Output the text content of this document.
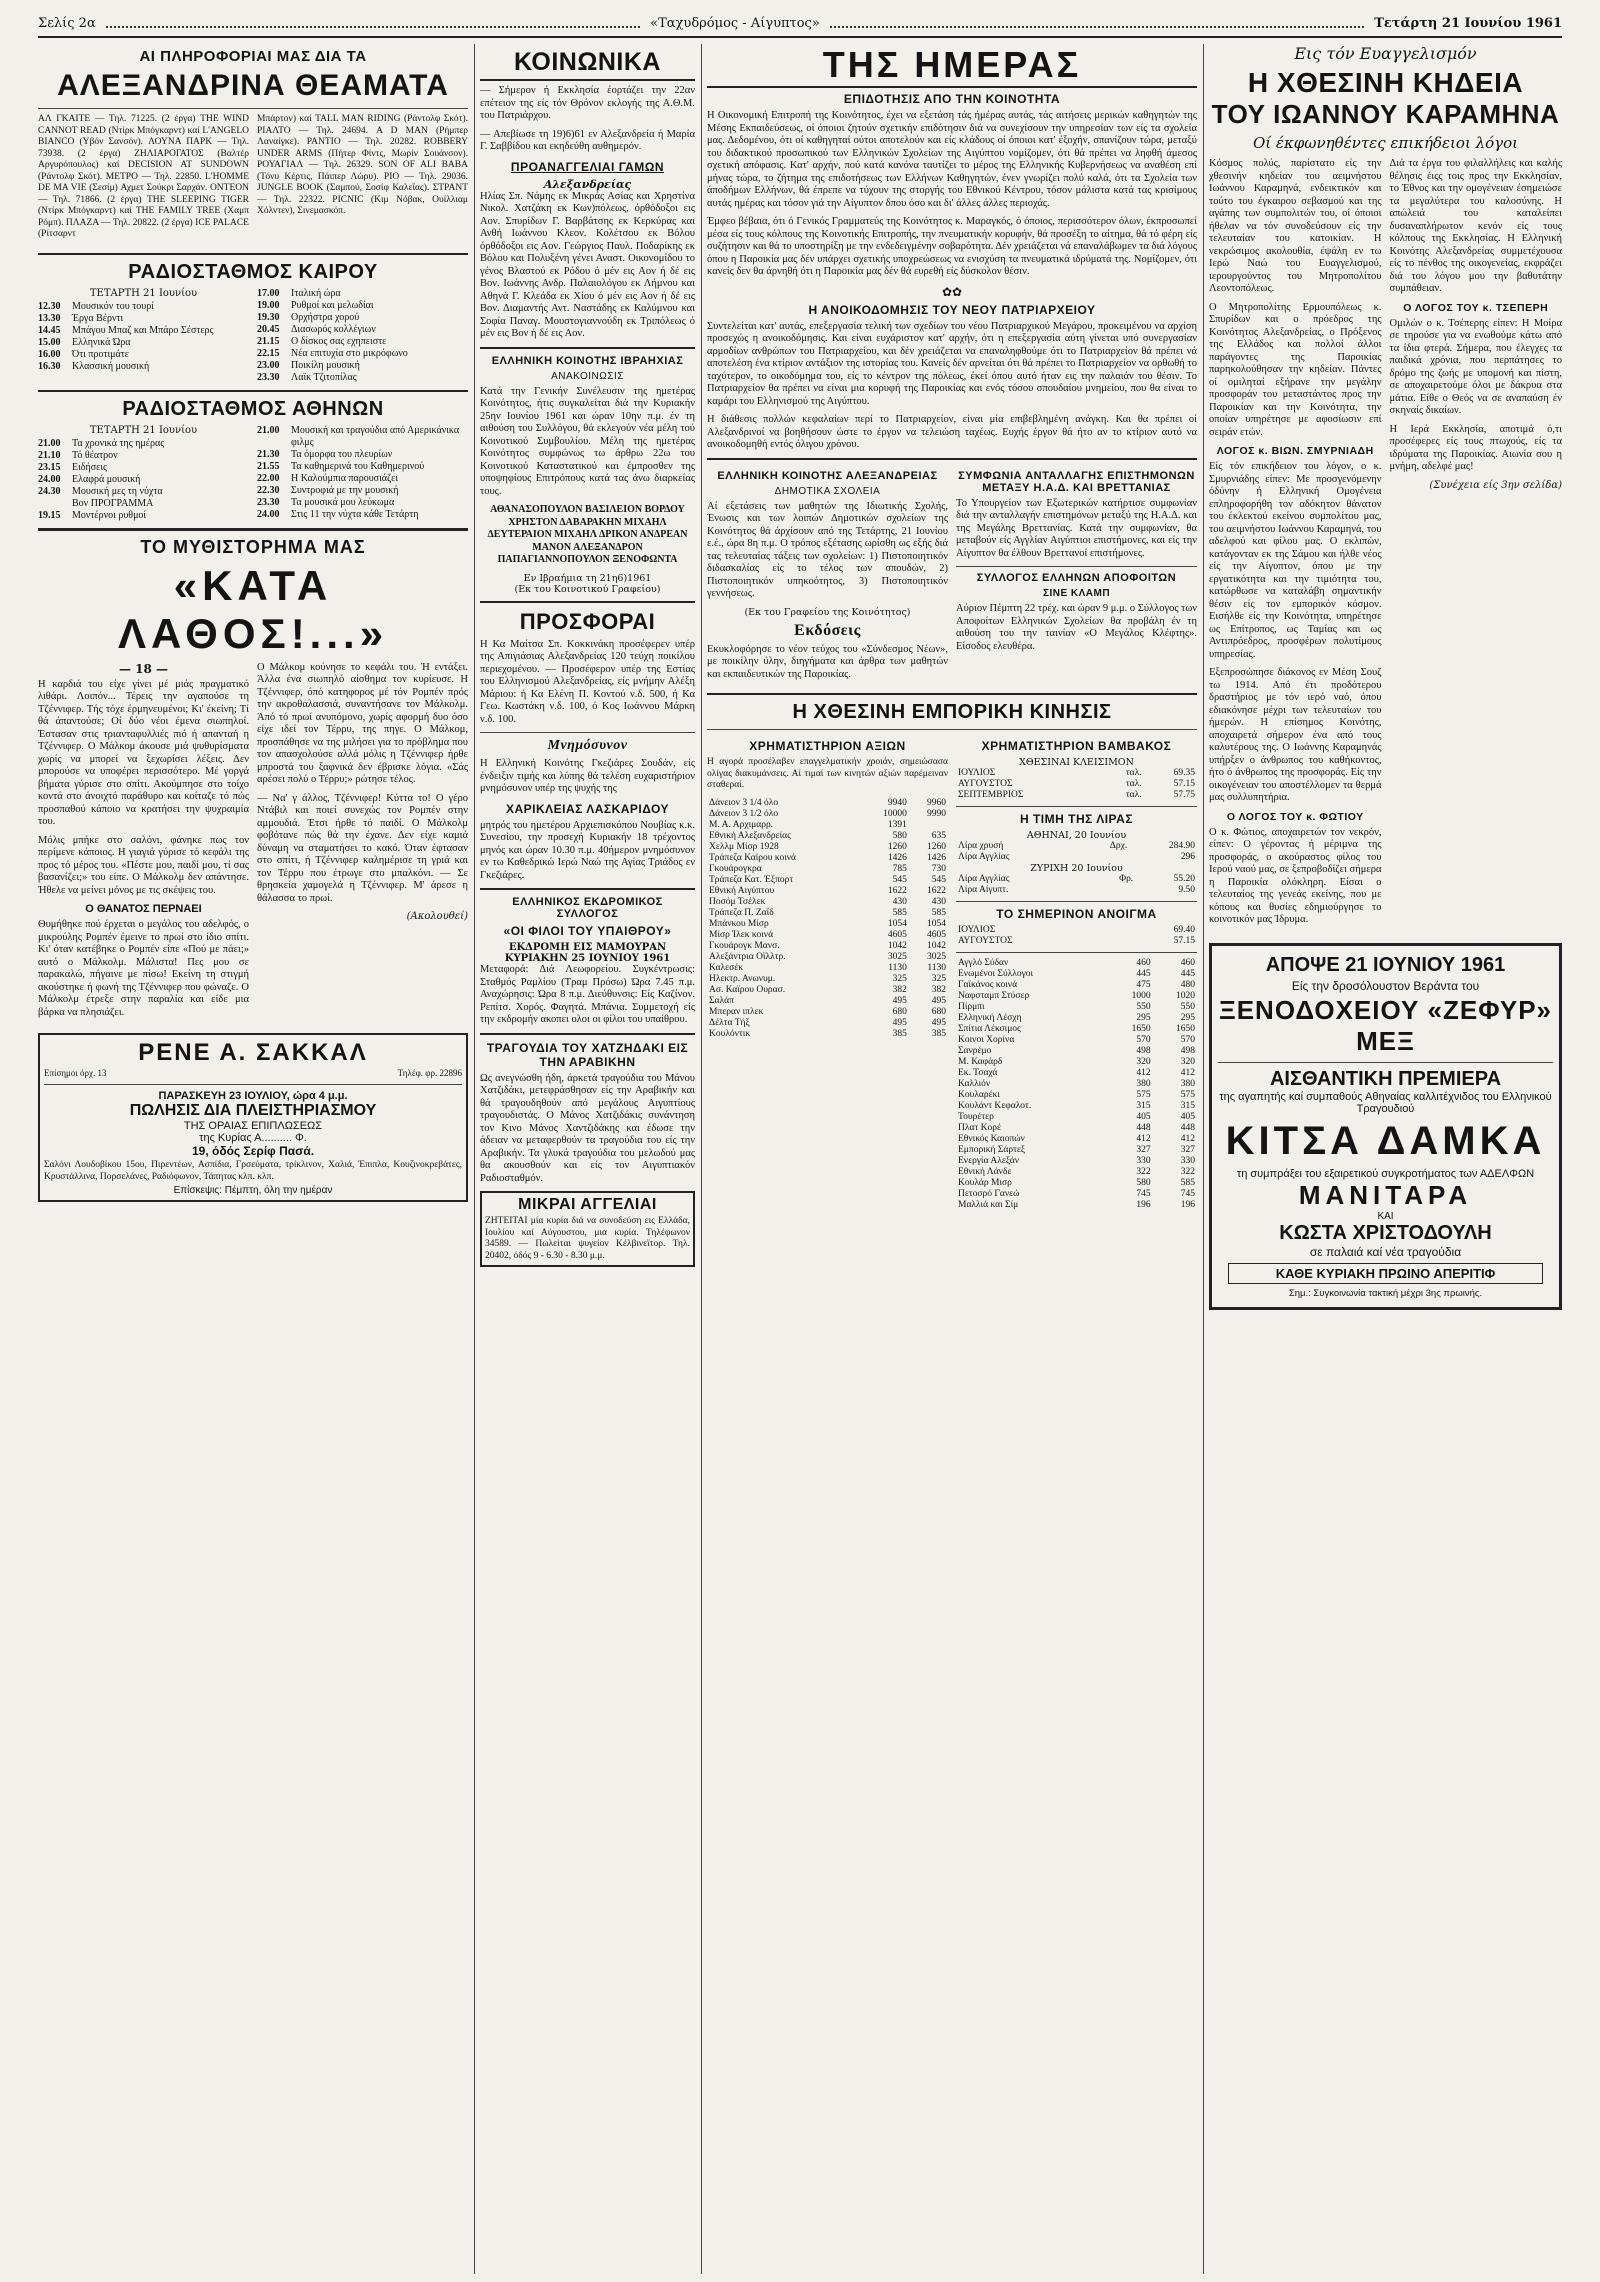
Σελίς 2α	«Ταχυδρόμος - Αίγυπτος»	Τετάρτη 21 Ιουνίου 1961
ΑΙ ΠΛΗΡΟΦΟΡΙΑΙ ΜΑΣ ΔΙΑ ΤΑ
ΑΛΕΞΑΝΔΡΙΝΑ ΘΕΑΜΑΤΑ

ΑΛ ΓΚΑΙΤΕ — Τηλ. 71225. (2 έργα) THE WIND CANNOT READ (Ντίρκ Μπόγκαρντ) καί L'ANGELO BIANCO (Υβόν Σανσόν). ΛΟΥΝΑ ΠΑΡΚ — Τηλ. 73938. (2 έργα) ΖΗΛΙΑΡΟΓΑΤΟΣ (Βαλτέρ Αργυρόπουλος) καί DECISION AT SUNDOWN (Ράντολφ Σκότ). ΜΕΤΡΟ — Τηλ. 22850. L'HOMME DE MA VIE (Σεσίμ) Αχμετ Σούκρι Σαρχάν. ΟΝΤΕΟΝ — Τηλ. 71866. (2 έργα) THE SLEEPING TIGER (Ντίρκ Μπόγκαρντ) καί THE FAMILY TREE (Χαμπ Ρόμπ). ΠΛΑΖΑ — Τηλ. 20822. (2 έργα) ICE PALACE (Ρίτσαρντ

Μπάρτον) καί TALL MAN RIDING (Ράντολφ Σκότ). ΡΙΑΛΤΟ — Τηλ. 24694. A D MAN (Ρήμπερ Λαναίγκε). ΡΑΝΤΙΟ — Τηλ. 20282. ROBBERY UNDER ARMS (Πήτερ Φίντς, Μωρίν Σουάνσον). ΡΟΥΑΓΙΑΛ — Τηλ. 26329. SON OF ALI BABA (Τόνυ Κέρτις, Πάιπερ Λώρυ). ΡΙΟ — Τηλ. 29036. JUNGLE BOOK (Σαμπού, Σοσίφ Καλεΐας). ΣΤΡΑΝΤ — Τηλ. 22322. PICNIC (Κιμ Νόβακ, Ουίλλιαμ Χόλντεν), Σινεμασκόπ.

ΡΑΔΙΟΣΤΑΘΜΟΣ ΚΑΙΡΟΥ
ΤΕΤΑΡΤΗ 21 Ιουνίου
12.30	Μουσικόν του τουρί
13.30	Έργα Βέρντι
14.45	Μπάγου Μπαζ και Μπάρο Σέστερς
15.00	Ελληνικά Ώρα
16.00	Ότι προτιμάτε
16.30	Κλασσική μουσική
17.00	Ιταλική ώρα
19.00	Ρυθμοί και μελωδίαι
19.30	Ορχήστρα χορού
20.45	Διασωρός κολλέγιων
21.15	Ο δίσκος σας εχηπειστε
22.15	Νέα επιτυχία στο μικρόφωνο
23.00	Ποικίλη μουσική
23.30	Λαϊκ Τζιτοπίλας
ΡΑΔΙΟΣΤΑΘΜΟΣ ΑΘΗΝΩΝ
ΤΕΤΑΡΤΗ 21 Ιουνίου
21.00	Τα χρονικά της ημέρας
21.10	Τό θέατρον
23.15	Ειδήσεις
24.00	Ελαφρά μουσική
24.30	Μουσική μες τη νύχτα
Βον ΠΡΟΓΡΑΜΜΑ
19.15	Μοντέρνοι ρυθμοί
21.00	Μουσική και τραγούδια από Αμερικάνικα φιλμς
21.30	Τα όμορφα του πλευρίων
21.55	Τα καθημερινά του Καθημερινού
22.00	Η Καλούμπια παρουσιάζει
22.30	Συντροφιά με την μουσική
23.30	Τα μουσικά μου λεύκωμα
24.00	Στις 11 την νύχτα κάθε Τετάρτη
ΤΟ ΜΥΘΙΣΤΟΡΗΜΑ ΜΑΣ
«ΚΑΤΑ ΛΑΘΟΣ!...»
— 18 —

Η καρδιά του είχε γίνει μέ μιάς πραγματικό λιθάρι. Λοιπόν... Τέρεις την αγαπούσε τη Τζέννιφερ. Τής τόχε έρμηνευμένοι; Κι' έκείνη; Τί θά άπαντούσε; Οί δύο νέοι έμενα σιωπηλοί. Έστασαν στις τριανταφυλλιές πιό ή απανταή η Τζέννιφερ. Ο Μάλκομ άκουσε μιά ψυθυρίσματα χωρίς να μπορεί να ξεχωρίσει λέξεις. Δεν μπορούσε να υποφέρει περισσότερο. Μέ γοργά βήματα γύρισε στο σπίτι. Ακούμπησε στο τοίχο κοντά στο άνοιχτό παράθυρο και κοίταζε τό πώς προσπαθού κάποιο να κρατήσει την ψυχραιμία του.

Μόλις μπήκε στο σαλόνι, φάνηκε πως τον περίμενε κάποιος. Η γιαγιά γύρισε τό κεφάλι της προς τό μέρος του. «Πέστε μου, παιδί μου, τί σας βασανίζει;» του είπε. Ο Μάλκολμ δεν απάντησε. Ήθελε να μείνει μόνος με τις σκέψεις του.

Ο ΘΑΝΑΤΟΣ ΠΕΡΝΑΕΙ

Θυμήθηκε πού έρχεται ο μεγάλος του αδελφός, ο μικρούλης Ρομπέν έμεινε το πρωί στο ίδιο σπίτι. Κι' όταν κατέβηκε ο Ρομπέν είπε «Πού με πάει;» αυτό ο Μάλκολμ. Μάλιστα! Πες μου σε παρακαλώ, πήγαινε με πίσω! Εκείνη τη στιγμή ακούστηκε ή φωνή της Τζέννιφερ που φώναζε. Ο Μάλκολμ έτρεξε στην παραλία και είδε μια βάρκα να πλησιάζει.

Ο Μάλκομ κούνησε το κεφάλι του. Ή εντάξει. Άλλα ένα σιωπηλό αίσθημα τον κυρίευσε. Η Τζέννιφερ, όπό κατηφορος μέ τόν Ρομπέν πρός την ακροθαλασσιά, συναντήσανε τον Μάλκολμ. Άπό τό πρωί ανυπόμονο, χωρίς αφορμή δυο όσο είχε ιδεί τον Τέρρυ, της πηγε. Ο Μάλκομ, προσπάθησε να της μιλήσει για το πρόβλημα που τον απασχολούσε αλλά μόλις η Τζέννιφερ ήρθε μπροστά του ξαφνικά δεν έβρισκε λόγια. «Σάς αρέσει πολύ ο Τέρρυ;» ρώτησε τέλος.

— Να' γ άλλος, Τζέννιφερ! Κύττα το! Ο γέρο Ντάβιλ και ποιεί συνεχώς τον Ρομπέν στην αμμουδιά. Έτσι ήρθε τό παιδί. Ο Μάλκολμ φοβότανε πώς θά την έχανε. Δεν είχε καμιά δύναμη να σταματήσει το κακό. Όταν έφτασαν στο σπίτι, ή Τζέννιφερ καλημέρισε τη γριά και τον Τέρρυ που έτρωγε στο μπαλκόνι. — Σε θρησκεία χαμογελά η Τζέννιφερ. Μ' άρεσε η θάλασσα το πρωί.

(Ακολουθεί)
ΡΕΝΕ Α. ΣΑΚΚΑΛ
Επίσημοι όρχ. 13	Τηλέφ. φρ. 22896
ΠΑΡΑΣΚΕΥΗ 23 ΙΟΥΛΙΟΥ, ώρα 4 μ.μ.
ΠΩΛΗΣΙΣ ΔΙΑ ΠΛΕΙΣΤΗΡΙΑΣΜΟΥ
ΤΗΣ ΟΡΑΙΑΣ ΕΠΙΠΛΩΣΕΩΣ
της Κυρίας Α.......... Φ.
19, όδός Σερίφ Πασά.

Σαλόνι Λουδοβίκου 15ου, Πιρεντέων, Ασπίδια, Γρσεύματα, τρίκλινον, Χαλιά, Έπιπλα, Κουζινοκρεβάτες, Κρυστάλλινα, Πορσελάνες, Ραδιόφωνον, Τάπητας κλπ. κλπ.

Επίσκεψις: Πέμπτη, όλη την ημέραν
ΚΟΙΝΩΝΙΚΑ

— Σήμερον ή Εκκλησία έορτάζει την 22αν επέτειον της είς τόν Θρόνον εκλογής της Α.Θ.Μ. του Πατριάρχου.

— Απεβίωσε τη 19)6)61 εν Αλεξανδρεία ή Μαρία Γ. Σαββίδου και εκηδεύθη αυθημερόν.

ΠΡΟΑΝΑΓΓΕΛΙΑΙ ΓΑΜΩΝ
Αλεξανδρείας

Ηλίας Σπ. Νάμης εκ Μικράς Ασίας και Χρηστίνα Νικολ. Χατζάκη εκ Κων)πόλεως, όρθόδοξοι εις Αον. Σπυρίδων Γ. Βαρβάτσης εκ Κερκύρας και Ανθή Ιωάννου Κλεον. Κολέτσου εκ Βόλου όρθόδοξοι εις Αον. Γεώργιος Παυλ. Ποδαρίκης εκ Βόλου και Πολυξένη γένει Αναστ. Οικονομίδου το γένος Βλαστού εκ Ρόδου ό μέν εις Αον ή δέ εις Βον. Ιωάννης Ανδρ. Παλαιολόγου εκ Λήμνου και Αθηνά Γ. Κλεάδα εκ Χίου ό μέν εις Αον ή δέ εις Βον. Διαμαντής Αντ. Ναστάδης εκ Καλύμνου και Σοφία Παναγ. Μουστογιαννούδη εκ Τριπόλεως ό μέν εις Βον ή δέ εις Αον.

ΕΛΛΗΝΙΚΗ ΚΟΙΝΟΤΗΣ ΙΒΡΑΗΧΙΑΣ
ΑΝΑΚΟΙΝΩΣΙΣ

Κατά την Γενικήν Συνέλευσιν της ημετέρας Κοινότητος, ήτις συγκαλείται διά την Κυριακήν 25ην Ιουνίου 1961 και ώραν 10ην π.μ. έν τη αιθούση του Συλλόγου, θά εκλεγούν νέα μέλη τού Κοινοτικού Συμβουλίου. Μέλη της ημετέρας Κοινότητος συμφώνως τω άρθρω 22ω του Κοινοτικού Καταστατικού και έμπροσθεν της υποψηφίους Επιτρόπους κατά τας άνω διαρκείας τους.

ΑΘΑΝΑΣΟΠΟΥΛΟΝ ΒΑΣΙΛΕΙΟΝ ΒΟΡΔΟΥ ΧΡΗΣΤΟΝ ΔΑΒΑΡΑΚΗΝ ΜΙΧΑΗΛ ΔΕΥΤΕΡΑΙΟΝ ΜΙΧΑΗΛ ΔΡΙΚΟΝ ΑΝΔΡΕΑΝ ΜΑΝΟΝ ΑΛΕΞΑΝΔΡΟΝ ΠΑΠΑΓΙΑΝΝΟΠΟΥΛΟΝ ΞΕΝΟΦΩΝΤΑ

Εν Ιβραήμια τη 21η6)1961
(Εκ του Κοινοτικού Γραφείου)
ΠΡΟΣΦΟΡΑΙ

Η Κα Μαίτσα Σπ. Κοκκινάκη προσέφερεν υπέρ της Απιγιάσιας Αλεξανδρείας 120 τεύχη ποικίλου περιεχομένου. — Προσέφερον υπέρ της Εστίας του Ελληνισμού Αλεξανδρείας, είς μνήμην Αλέξη Μάριου: ή Κα Ελένη Π. Κοντού ν.δ. 500, ή Κα Γεω. Κωστάκη ν.δ. 100, ό Κος Ιωάννου Μάρκη ν.δ. 100.

Μνημόσυνον

Η Ελληνική Κοινότης Γκεζιάρες Σουδάν, είς ένδειξιν τιμής και λύπης θά τελέση ευχαριστήριον μνημόσυνον υπέρ της ψυχής της

ΧΑΡΙΚΛΕΙΑΣ ΛΑΣΚΑΡΙΔΟΥ

μητρός του ημετέρου Αρχιεπισκόπου Νουβίας κ.κ. Συνεσίου, την προσεχή Κυριακήν 18 τρέχοντος μηνός και ώραν 10.30 π.μ. 40ήμερον μνημόσυνον εν τω Καθεδρικώ Ιερώ Ναώ της Αγίας Τριάδος εν Γκεζιάρες.

ΕΛΛΗΝΙΚΟΣ ΕΚΔΡΟΜΙΚΟΣ ΣΥΛΛΟΓΟΣ
«ΟΙ ΦΙΛΟΙ ΤΟΥ ΥΠΑΙΘΡΟΥ»
ΕΚΔΡΟΜΗ ΕΙΣ ΜΑΜΟΥΡΑΝ ΚΥΡΙΑΚΗΝ 25 ΙΟΥΝΙΟΥ 1961

Μεταφορά: Διά Λεωφορείου. Συγκέντρωσις: Σταθμός Ραμλίου (Τραμ Πρόσω) Ώρα 7.45 π.μ. Αναχώρησις: Ώρα 8 π.μ. Διεύθυνσις: Είς Καζίνον. Ρεπίτσ. Χορός. Φαγητά. Μπάνια. Συμμετοχή είς την εκδρομήν ακοπει ολοι οι φίλοι του υπαίθρου.

ΤΡΑΓΟΥΔΙΑ ΤΟΥ ΧΑΤΖΗΔΑΚΙ ΕΙΣ ΤΗΝ ΑΡΑΒΙΚΗΝ

Ως ανεγνώσθη ήδη, άρκετά τραγούδια του Μάνου Χατζιδάκι, μετεφράσθησαν είς την Αραβικήν και θά τραγουδηθούν από μεγάλους Αιγυπτίους τραγουδιστάς. Ο Μάνος Χατζιδάκις συνάντηση τον Κινο Μάνος Χαντζιδάκης και έδωσε την άδειαν να μεταφερθούν τα τραγούδια του είς την Αραβικήν. Τα γλυκά τραγούδια του μελωδού μας θα ακουσθούν και είς τον Αιγυπτιακόν Ραδιοσταθμόν.

ΜΙΚΡΑΙ ΑΓΓΕΛΙΑΙ

ΖΗΤΕΙΤΑΙ μία κυρία διά να συνοδεύση εις Ελλάδα, Ιουλίου καί Αύγουστου, μια κυρία. Τηλέφωνον 34589. — Πωλείται ψυγείον Κέλβινεϊτορ. Τηλ. 20402, όδός 9 - 6.30 - 8.30 μ.μ.

ΤΗΣ ΗΜΕΡΑΣ
ΕΠΙΔΟΤΗΣΙΣ ΑΠΟ ΤΗΝ ΚΟΙΝΟΤΗΤΑ

Η Οικονομική Επιτροπή της Κοινότητος, έχει να εξετάση τάς ήμέρας αυτάς, τάς αιτήσεις μερικών καθηγητών της Μέσης Εκπαιδεύσεως, οί όποιοι ζητούν σχετικήν επιδότησιν διά να συνεχίσουν την υπηρεσίαν των είς τα σχολεία μας. Δεδομένου, ότι οί καθηγηταί ούτοι αποτελούν και είς κλάδους οί όποιοι κατ' έξοχήν, σπανίζουν τώρα, μεταξύ του διδακτικού προσωπικού των Ελληνικών Σχολείων της Αιγύπτου νομίζομεν, ότι θά πρέπει να ληφθή άμεσος σχετική απόφασις. Κατ' αρχήν, πού κατά κανόνα ταυτίζει το μέρος της Ελληνικής Κυβερνήσεως να αναθέση επί μήνας τώρα, το ζήτημα της επιδοτήσεως των Ελλήνων Καθηγητών, ένεν γνωρίζει πολύ καλά, ότι τα Σχολεία των άποδήμων Ελλήνων, θά έπρεπε να τύχουν της στοργής του Εθνικού Κέντρου, τόσον μάλιστα κατά τας κρισίμους αυτάς ημέρας και τόσον γιά την Αίγυπτον δπου όσο και δι' άλλες άλλες περιοχάς.

Έμφεο βέβαια, ότι ό Γενικός Γραμματεύς της Κοινότητος κ. Μαραγκός, ό όποιος, περισσότερον όλων, έκπροσωπεί μέσα είς τους κόλπους της Κοινοτικής Επιτροπής, την πνευματικήν κορυφήν, θά προσέξη το αίτημα, θά τό φέρη είς συζήτησιν και θά το υποστηρίξη με την ενδεδειγμένην σοβαρότητα. Δέν χρειάζεται νά επαναλάβωμεν τα διά λόγους όπου η Παροικία μας δέν υπάρχει σχετικής υποχρεώσεως να ενισχύση τα πνευματικά ιδρύματά της. Νομίζομεν, ότι κανείς δεν θα άρνηθή ότι η Παροικία μας δέν θά ευρεθή είς δύσκολον θέσιν.

✿✿
Η ΑΝΟΙΚΟΔΟΜΗΣΙΣ ΤΟΥ ΝΕΟΥ ΠΑΤΡΙΑΡΧΕΙΟΥ

Συντελείται κατ' αυτάς, επεξεργασία τελική των σχεδίων του νέου Πατριαρχικού Μεγάρου, προκειμένου να αρχίση προσεχώς η ανοικοδόμησις. Και είναι ευχάριστον κατ' αρχήν, ότι η επεξεργασία αύτη γίνεται υπό συνεργασίαν αρμοδίων ανθρώπων του Πατριαρχείου, και δέν χρειάζεται να επαναληφθούμε ότι το Πατριαρχείον θά πρέπει νά αποτελέση ένα κτίριον αντάξιον της ιστορίας του. Κανείς δέν αρνείται ότι θά πρέπει το Πατριαρχείον να ορθωθή το ταχύτερον, το οικοδόμημα του, είς το κέντρον της πόλεως, έκεί όπου αυτό ήταν εις την παλαιάν του θέσιν. Το Πατριαρχείον θα πρέπει να είναι μια κορυφή της Παροικίας και ενός τόσου σπουδαίου μνημείου, που θα είναι το καμάρι του Ελληνισμού της Αιγύπτου.

Η διάθεσις πολλών κεφαλαίων περί το Πατριαρχείον, είναι μία επιβεβλημένη ανάγκη. Και θα πρέπει οί Αλεξανδρινοί να βοηθήσουν ώστε το έργον να τελειώση ταχέως. Ευχής έργον θά ήτο αν το κτίριον αυτό να ανοικοδομηθή εντός όλιγου χρόνου.

ΕΛΛΗΝΙΚΗ ΚΟΙΝΟΤΗΣ ΑΛΕΞΑΝΔΡΕΙΑΣ
ΔΗΜΟΤΙΚΑ ΣΧΟΛΕΙΑ

Αί εξετάσεις των μαθητών της Ιδιωτικής Σχολής, Ένωσις και των λοιπών Δημοτικών σχολείων της Κοινότητος θά άρχίσουν από της Τετάρτης, 21 Ιουνίου ε.έ., ώρα 8η π.μ. Ο τρόπος εξέτασης ωρίσθη ως εξής διά τας τελευταίας τάξεις των σχολείων: 1) Πιστοποιητικόν διδασκαλίας είς το τέλος των σπουδών, 2) Πιστοποιητικόν υπηκοότητος, 3) Πιστοποιητικόν γεννήσεως.

(Εκ του Γραφείου της Κοινότητος)
Εκδόσεις

Εκυκλοφόρησε το νέον τεύχος του «Σύνδεσμος Νέων», με ποικίλην ύλην, διηγήματα και άρθρα των μαθητών και εκπαιδευτικών της Παροικίας.

ΣΥΜΦΩΝΙΑ ΑΝΤΑΛΛΑΓΗΣ ΕΠΙΣΤΗΜΟΝΩΝ ΜΕΤΑΞΥ Η.Α.Δ. ΚΑΙ ΒΡΕΤΤΑΝΙΑΣ

Το Υπουργείον των Εξωτερικών κατήρτισε συμφωνίαν διά την ανταλλαγήν επιστημόνων μεταξύ της Η.Α.Δ. και της Μεγάλης Βρεττανίας. Κατά την συμφωνίαν, θα μεταβούν είς Αγγλίαν Αιγύπτιοι επιστήμονες, και είς την Αίγυπτον θα έλθουν Βρεττανοί επιστήμονες.

ΣΥΛΛΟΓΟΣ ΕΛΛΗΝΩΝ ΑΠΟΦΟΙΤΩΝ
ΣΙΝΕ ΚΛΑΜΠ

Αύριον Πέμπτη 22 τρέχ. και ώραν 9 μ.μ. ο Σύλλογος των Αποφοίτων Ελληνικών Σχολείων θα προβάλη έν τη αιθούση του την ταινίαν «Ο Μεγάλος Κλέφτης». Είσοδος ελευθέρα.

Η ΧΘΕΣΙΝΗ ΕΜΠΟΡΙΚΗ ΚΙΝΗΣΙΣ
ΧΡΗΜΑΤΙΣΤΗΡΙΟΝ ΑΞΙΩΝ

Η αγορά προσέλαβεν επαγγελματικήν χροιάν, σημειώσασα ολίγας διακυμάνσεις. Αί τιμαί των κινητών αξιών παρέμειναν σταθεραί.

Δάνειον 3 1/4 όλο	9940	9960
Δάνειον 3 1/2 όλο	10000	9990
Μ. Α. Αρχιμαρρ.	1391	
Εθνική Αλεξανδρείας	580	635
Χελλμ Μίσρ 1928	1260	1260
Τράπεζα Καϊρου κοινά	1426	1426
Γκουάρογκρα	785	730
Τράπεζα Κατ. Έξπορτ	545	545
Εθνική Αιγύπτου	1622	1622
Ποσόμ Τσέλεκ	430	430
Τράπεζα Π. Ζαΐδ	585	585
Μπάνκου Μίσρ	1054	1054
Μίσρ Ίλεκ κοινά	4605	4605
Γκουάρογκ Μανσ.	1042	1042
Αλεξάντρια Οϊλλτρ.	3025	3025
Καλεσέκ	1130	1130
Ηλεκτρ. Ανωνυμ.	325	325
Ασ. Καϊρου Ουρασ.	382	382
Σαλάπ	495	495
Μπεραν ιπλεκ	680	680
Δέλτα Τήξ	495	495
Κουλόντικ	385	385
ΧΡΗΜΑΤΙΣΤΗΡΙΟΝ ΒΑΜΒΑΚΟΣ
ΧΘΕΣΙΝΑΙ ΚΛΕΙΣΙΜΟΝ
ΙΟΥΛΙΟΣ	ταλ.	69.35
ΑΥΓΟΥΣΤΟΣ	ταλ.	57.15
ΣΕΠΤΕΜΒΡΙΟΣ	ταλ.	57.75
Η ΤΙΜΗ ΤΗΣ ΛΙΡΑΣ
ΑΘΗΝΑΙ, 20 Ιουνίου
Λίρα χρυσή	Δρχ.	284.90
Λίρα Αγγλίας		296
ΖΥΡΙΧΗ 20 Ιουνίου
Λίρα Αγγλίας	Φρ.	55.20
Λίρα Αίγυπτ.		9.50
ΤΟ ΣΗΜΕΡΙΝΟΝ ΑΝΟΙΓΜΑ
ΙΟΥΛΙΟΣ	69.40
ΑΥΓΟΥΣΤΟΣ	57.15
Αγγλό Σύδαν	460	460
Ενωμένοι Σύλλογοι	445	445
Γαϊκάνος κοινά	475	480
Ναφσταμπ Στύσερ	1000	1020
Πίρμπι	550	550
Ελληνική Λέσχη	295	295
Σπίτια Λέκσιμος	1650	1650
Κοινοι Χορίνα	570	570
Σανρέμο	498	498
Μ. Καφάρδ	320	320
Εκ. Τσαχά	412	412
Καλλιόν	380	380
Κουλαρέκι	575	575
Κουλάντ Κεφαλοτ.	315	315
Τουρέτερ	405	405
Πλατ Κορέ	448	448
Εθνικός Καιοπών	412	412
Εμπορική Σάρτεξ	327	327
Ενεργία Αλεξάν	330	330
Εθνική Λάνδε	322	322
Κουλάρ Μισρ	580	585
Πετοσρό Γανεώ	745	745
Μαλλιά και Σίμ	196	196
Εις τόν Ευαγγελισμόν
Η ΧΘΕΣΙΝΗ ΚΗΔΕΙΑ
ΤΟΥ ΙΩΑΝΝΟΥ ΚΑΡΑΜΗΝΑ
Οί έκφωνηθέντες επικήδειοι λόγοι

Κόσμος πολύς, παρίστατο είς την χθεσινήν κηδείαν του αειμνήστου Ιωάννου Καραμηνά, ενδεικτικόν και τούτο του έγκαιρου σεβασμού και της αγάπης των συμπολιτών του, οί όποιοι ήθελαν να τόν συνοδεύσουν είς την τελευταίαν του κατοικίαν. Η νεκρώσιμος ακολουθία, έψάλη εν τω Ιερώ Ναώ του Ευαγγελισμού, ιερουργούντος του Μητροπολίτου Λεοντοπόλεως.

Ο Μητροπολίτης Ερμουπόλεως κ. Σπυρίδων και ο πρόεδρος της Κοινότητος Αλεξανδρείας, ο Πρόξενος της Ελλάδος και πολλοί άλλοι παράγοντες της Παροικίας παρηκολούθησαν την κηδείαν. Πάντες οί ομιληταί εξήρανε την μεγάλην προσφοράν του μεταστάντος προς την Παροικίαν και την Κοινότητα, την οποίαν υπηρέτησε με αφοσίωσιν επί σειράν ετών.

ΛΟΓΟΣ κ. ΒΙΩΝ. ΣΜΥΡΝΙΑΔΗ

Είς τόν επικήδειον του λόγον, ο κ. Σμυρνιάδης είπεν: Με προσγενόμενην όδύνην ή Ελληνική Ομογένεια επληροφορήθη τον αδόκητον θάνατον του έκλεκτού εκείνου συμπολίτου μας, του αειμνήστου Ιωάννου Καραμηνά, του αδελφού και φίλου μας. Ο εκλιπών, κατάγονταν εκ της Σάμου και ήλθε νέος είς την Αίγυπτον, όπου με την εργατικότητα και την τιμιότητα του, κατώρθωσε να καταλάβη σημαντικήν θέσιν είς τον εμπορικόν κόσμον. Εισήλθε είς την Κοινότητα, υπηρέτησε ως Επίτροπος, ως Ταμίας και ως Αντιπρόεδρος, προσφέρων πολυτίμους υπηρεσίας.

Εξεπροσώπησε διάκονος εν Μέση Σουζ τω 1914. Από έτι προδότερου δραστήριος με τόν ιερό ναό, όπου εδιακόνησε μέχρι των τελευταίων του ήμερών. Η επίσημος Κοινότης, αποχαιρετά σήμερον ένα από τους καλυτέρους της. Ο Ιωάννης Καραμηνάς υπήρξεν ο άνθρωπος του καθήκοντος, ήτο ό άνθρωπος της προσφοράς. Είς την οικογένειαν του αποστέλλομεν τα θερμά μας συλλυπητήρια.

Ο ΛΟΓΟΣ ΤΟΥ κ. ΦΩΤΙΟΥ

Ο κ. Φώτιος, αποχαιρετών τον νεκρόν, είπεν: Ο γέροντας ή μέριμνα της προσφοράς, ο ακούραστος φίλος του Ιερού ναού μας, σε ξεπροβοδίζει σήμερα η Παροικία ολόκληρη. Είσαι ο τελευταίος της γενεάς εκείνης, που με κόπους και θυσίες εδημιούργησε το κοινοτικόν μας Ίδρυμα.

Διά τα έργα του φιλαλλήλεις και καλής θέλησις έιςς τοις προς την Εκκλησίαν, το Έθνος και την ομογένειαν έσημειώσε τα μεγαλύτερα του καλοσύνης. Η απώλειά του καταλείπει δυσαναπλήρωτον κενόν είς τους κόλπους της Εκκλησίας. Η Ελληνική Κοινότης Αλεξανδρείας συμμετέχουσα είς το πένθος της οικογενείας, εκφράζει διά του λόγου μου την βαθυτάτην συμπάθειαν.

Ο ΛΟΓΟΣ ΤΟΥ κ. ΤΣΕΠΕΡΗ

Ομιλών ο κ. Τσέπερης είπεν: Η Μοίρα σε τηρούσε για να ενωθούμε κάτω από τα ίδια φτερά. Σήμερα, που έλεγχες τα παιδικά χρόνια, που περπάτησες το δρόμο της ζωής με υπομονή και πίστη, σε αποχαιρετούμε όλοι με δάκρυα στα μάτια. Είθε ο Θεός να σε αναπαύση έν σκηναίς δικαίων.

Η Ιερά Εκκλησία, αποτιμά ό,τι προσέφερες είς τους πτωχούς, είς τα ιδρύματα της Παροικίας. Αιωνία σου η μνήμη, αδελφέ μας!

(Συνέχεια είς 3ην σελίδα)
ΑΠΟΨΕ 21 ΙΟΥΝΙΟΥ 1961
Είς την δροσόλουστον Βεράντα του
ΞΕΝΟΔΟΧΕΙΟΥ «ΖΕΦΥΡ» ΜΕΞ
ΑΙΣΘΑΝΤΙΚΗ ΠΡΕΜΙΕΡΑ
της αγαπητής καί συμπαθούς Αθηναίας καλλιτέχνιδος του Ελληνικού Τραγουδιού
ΚΙΤΣΑ ΔΑΜΚΑ
τη συμπράξει του εξαιρετικού συγκροτήματος των ΑΔΕΛΦΩΝ
ΜΑΝΙΤΑΡΑ
ΚΑΙ
ΚΩΣΤΑ ΧΡΙΣΤΟΔΟΥΛΗ
σε παλαιά καί νέα τραγούδια
ΚΑΘΕ ΚΥΡΙΑΚΗ ΠΡΩΙΝΟ ΑΠΕΡΙΤΙΦ
Σημ.: Συγκοινωνία τακτική μέχρι 3ης πρωινής.
